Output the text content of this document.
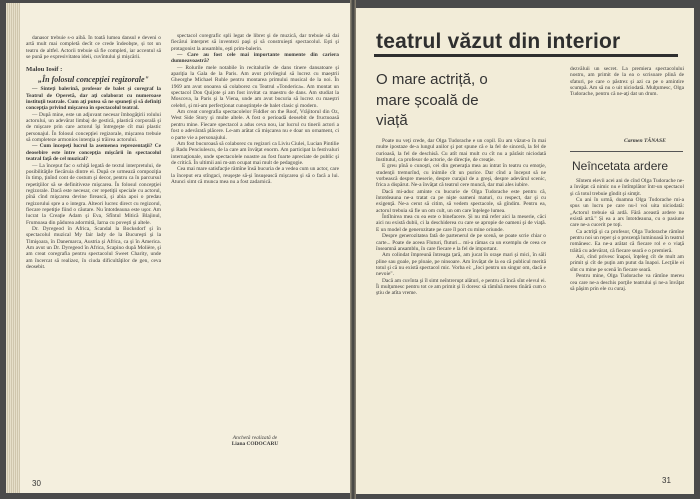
danasor trebuie s-o aibă. În toată lumea dansul e deveni o artă mult mai completă decît ce crede îndeobşte, și tot un teatru de altfel. Actorii trebuie să fie completi, iar accentul să se pună pe expresivitatea ideii, cuvîntului şi mişcării.

Malou Iosif :

„În folosul concepţiei regizorale"

— Sinteţi balerină, profesor de balet şi coregraf la Teatrul de Operetă, dar aţi colaborat cu numeroase instituţii teatrale. Cum aţi putea să ne spuneţi şi să definiţi concepţia privind mişcarea în spectacolul teatral.

— După mine, este un adjuvant necesar îmbogăţirii rolului actorului, un adevărat limbaj de gestică, plastică corporală şi de mişcare prin care actorul îşi întregeşte cît mai plastic personajul. În folosul concepţiei regizorale, mişcarea trebuie să completeze armonios intenţia şi trăirea actorului.

— Cum începeţi lucrul la asemenea reprezentaţii? Ce deosebire este între concepţia mişcării în spectacolul teatral faţă de cel muzical?

— La început fac o schiţă legată de textul interpretului, de posibilităţile fiecăruia dintre ei. După ce urmează compoziţia în timp, ţinînd cont de costum şi decor, pentru ca în parcursul repetiţiilor să se definitiveze mişcarea. În folosul concepţiei regizorale. Dacă este necesar, cer repetiţii speciale cu actorul, pînă cînd mişcarea devine firească, şi abia apoi o predau regizorului spre a o integra. Alteori lucrez direct cu regizorul, fiecare repetiţie fiind o căutare. Nu întotdeauna este uşor. Am lucrat la Creaţie Adam şi Eva, Sfîntul Mitică Blajinul, Frumoasa din pădurea adormită, Iarna cu poveşti și altele.

Dr. Dyregeod în Africa, Scandal la Bocksdorf şi în spectacolul muzical My fair lady de la Bucureşti şi la Timişoara, în Danemarca, Austria şi Africa, ca şi în America. Am avut un Dr. Dyregeod în Africa, Scapino după Molière, şi am creat coregrafia pentru spectacolul Sweet Charity, unde am încercat să realizez, în ciuda dificultăţilor de gen, ceva deosebit.

spectacol coregrafic spli legat de libret şi de muzică, dar trebuie să dai fiecărui interpret să inventezi paşi şi să construieşti spectacolul. Eşti şi protagonist la ansamblu, eşti prim-balerin.

— Care au fost cele mai importante momente din cariera dumneavoastră?

— Rolurile mele notabile în recitalurile de dans tinere dansatoare şi apariţia la Gala de la Paris. Am avut privilegiul să lucrez cu maeştrii Gheorghe Michael Ruhle pentru montarea primului musical de la noi. În 1969 am avut onoarea să colaborez cu Teatrul «Tonderica». Am montat un spectacol Don Quijote şi am fost invitat ca maestru de dans. Am studiat la Moscova, la Paris şi la Viena, unde am avut bucuria să lucrez cu maeştri celebri, şi mi-am perfecţionat cunoştinţele de balet clasic şi modern.

Am creat coregrafia spectacolelor Fiddler on the Roof, Vrăjitorul din Oz, West Side Story şi multe altele. A fost o perioadă deosebit de fructuoasă pentru mine. Fiecare spectacol a adus ceva nou, iar lucrul cu tinerii actori a fost o adevărată plăcere. Le-am arătat că mişcarea nu e doar un ornament, ci o parte vie a personajului.

Am fost bucuroasă să colaborez cu regizori ca Liviu Ciulei, Lucian Pintilie şi Radu Penciulescu, de la care am învăţat enorm. Am participat la festivaluri internaţionale, unde spectacolele noastre au fost foarte apreciate de public şi de critică. În ultimii ani m-am ocupat mai mult de pedagogie.

Cea mai mare satisfacţie rămîne însă bucuria de a vedea cum un actor, care la început era stîngaci, reuşeşte să-şi însuşească mişcarea şi să o facă a lui. Atunci simt că munca mea nu a fost zadarnică.

Anchetă realizată de

Liana CODOCARU

30
teatrul văzut din interior
O mare actriță, o mare școală de viață

Poate nu veţi crede, dar Olga Tudorache e un copil. Eu am văzut-o în mai multe ipostaze de-a lungul anilor şi pot spune că e la fel de sinceră, la fel de curioasă, la fel de deschisă. Cu atît mai mult cu cît nu a părăsit niciodată Institutul, ca profesor de actorie, de direcţie, de creaţie.

E greu pînă o cunoşti, cei din generaţia mea au intrat în teatru cu emoţie, studenţii tremurînd, cu inimile cît un purice. Dar cînd a început să ne vorbească despre meserie, despre curajul de a greşi, despre adevărul scenic, frica a dispărut. Ne-a învăţat că teatrul cere muncă, dar mai ales iubire.

Dacă mi-aduc aminte cu bucurie de Olga Tudorache este pentru că, întotdeauna ne-a tratat ca pe nişte oameni maturi, cu respect, dar şi cu exigenţă. Ne-a cerut să citim, să vedem spectacole, să gîndim. Pentru ea, actorul trebuia să fie un om cult, un om care înţelege lumea.

Întîlnirea mea cu ea este o binefacere. Și nu mă refer aici la meserie, căci aici nu există dubii, ci la deschiderea cu care se apropie de oameni şi de viaţă. E un model de generozitate pe care îl port cu mine oriunde.

Despre generozitatea fată de partenerul de pe scenă, se poate scrie chiar o carte... Poate de aceea Fluturi, fluturi... mi-a rămas ca un exemplu de ceea ce înseamnă ansamblu, în care fiecare e la fel de important.

Am colindat împreună întreaga ţară, am jucat în oraşe mari şi mici, în săli pline sau goale, pe ploaie, pe ninsoare. Am învăţat de la ea că publicul merită totul şi că nu există spectacol mic. Vorba ei: „Joci pentru un singur om, dacă e nevoie".

Dacă am cuvînta şi îl simt neîntrerupt alături, e pentru că încă sînt elevul ei. Îi mulţumesc pentru tot ce am primit şi îi doresc să rămînă mereu tînără cum o ştiu de atîta vreme.

dezvăluii un secret. La premiera spectacolului nostru, am primit de la ea o scrisoare plină de sfaturi, pe care o păstrez şi azi ca pe o amintire scumpă. Am să nu o uit niciodată. Mulţumesc, Olga Tudorache, pentru că ne-aţi dat un drum.

Carmen TĂNASE
Neîncetata ardere

Sîntem elevii acei ani de cînd Olga Tudorache ne-a învăţat că nimic nu e întîmplător într-un spectacol şi că totul trebuie gîndit şi simţit.

Cu ani în urmă, doamna Olga Tudorache mi-a spus un lucru pe care nu-l voi uita niciodată: „Actorul trebuie să ardă. Fără această ardere nu există artă." Și ea a ars întotdeauna, cu o pasiune care ne-a cucerit pe toţi.

Ca actriţă şi ca profesor, Olga Tudorache rămîne pentru noi un reper şi o prezenţă luminoasă în teatrul românesc. Ea ne-a arătat că fiecare rol e o viaţă trăită cu adevărat, că fiecare seară e o premieră.

Azi, cînd privesc înapoi, înţeleg cît de mult am primit şi cît de puţin am putut da înapoi. Lecţiile ei sînt cu mine pe scenă în fiecare seară.

Pentru mine, Olga Tudorache va rămîne mereu cea care ne-a deschis porţile teatrului şi ne-a învăţat să păşim prin ele cu curaj.

31
